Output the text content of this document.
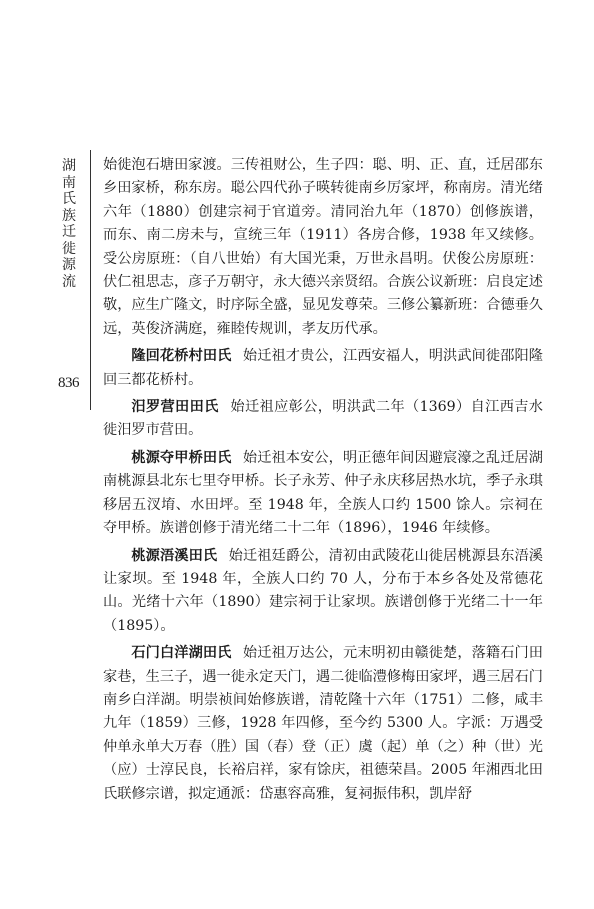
湖南氏族迁徙源流
836

始徙泡石塘田家渡。三传祖财公，生子四：聪、明、正、直，迁居邵东乡田家桥，称东房。聪公四代孙子暎转徙南乡厉家坪，称南房。清光绪六年（1880）创建宗祠于官道旁。清同治九年（1870）创修族谱，而东、南二房未与，宣统三年（1911）各房合修，1938 年又续修。受公房原班：（自八世始）有大国光秉，万世永昌明。伏俊公房原班：伏仁祖思志，彦子万朝守，永大德兴亲贤绍。合族公议新班：启良定述敬，应生广隆文，时序际全盛，显见发尊荣。三修公纂新班：合德垂久远，英俊济满庭，雍睦传规训，孝友历代承。

隆回花桥村田氏 始迁祖才贵公，江西安福人，明洪武间徙邵阳隆回三都花桥村。

汨罗营田田氏 始迁祖应彰公，明洪武二年（1369）自江西吉水徙汨罗市营田。

桃源夺甲桥田氏 始迁祖本安公，明正德年间因避宸濠之乱迁居湖南桃源县北东七里夺甲桥。长子永芳、仲子永庆移居热水坑，季子永琪移居五汊堉、水田坪。至 1948 年，全族人口约 1500 馀人。宗祠在夺甲桥。族谱创修于清光绪二十二年（1896），1946 年续修。

桃源浯溪田氏 始迁祖廷爵公，清初由武陵花山徙居桃源县东浯溪让家坝。至 1948 年，全族人口约 70 人，分布于本乡各处及常德花山。光绪十六年（1890）建宗祠于让家坝。族谱创修于光绪二十一年（1895）。

石门白洋湖田氏 始迁祖万达公，元末明初由赣徙楚，落籍石门田家巷，生三子，遇一徙永定天门，遇二徙临澧修梅田家坪，遇三居石门南乡白洋湖。明崇祯间始修族谱，清乾隆十六年（1751）二修，咸丰九年（1859）三修，1928 年四修，至今约 5300 人。字派：万遇受仲单永单大万春（胜）国（春）登（正）虞（起）单（之）种（世）光（应）士淳民良，长裕启祥，家有馀庆，祖德荣昌。2005 年湘西北田氏联修宗谱，拟定通派：岱惠容高雅，复祠振伟积，凯岸舒
